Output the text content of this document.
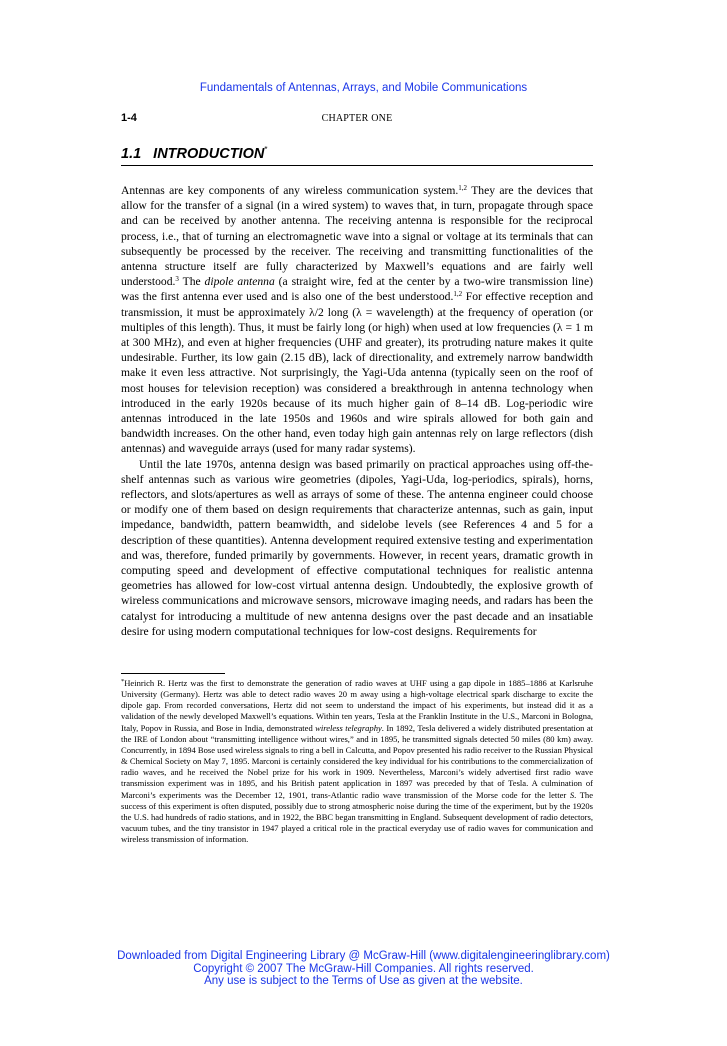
Fundamentals of Antennas, Arrays, and Mobile Communications
1-4	CHAPTER ONE
1.1 INTRODUCTION*

Antennas are key components of any wireless communication system.$^{1,2}$ They are the devices that allow for the transfer of a signal (in a wired system) to waves that, in turn, propagate through space and can be received by another antenna. The receiving antenna is responsible for the reciprocal process, i.e., that of turning an electromagnetic wave into a signal or voltage at its terminals that can subsequently be processed by the receiver. The receiving and transmitting functionalities of the antenna structure itself are fully characterized by Maxwell’s equations and are fairly well understood.$^3$ The dipole antenna (a straight wire, fed at the center by a two-wire transmission line) was the first antenna ever used and is also one of the best understood.$^{1,2}$ For effective reception and transmission, it must be approximately λ/2 long (λ = wavelength) at the frequency of operation (or multiples of this length). Thus, it must be fairly long (or high) when used at low frequencies (λ = 1 m at 300 MHz), and even at higher frequencies (UHF and greater), its protruding nature makes it quite undesirable. Further, its low gain (2.15 dB), lack of directionality, and extremely narrow bandwidth make it even less attractive. Not surprisingly, the Yagi-Uda antenna (typically seen on the roof of most houses for television reception) was considered a breakthrough in antenna technology when introduced in the early 1920s because of its much higher gain of 8–14 dB. Log-periodic wire antennas introduced in the late 1950s and 1960s and wire spirals allowed for both gain and bandwidth increases. On the other hand, even today high gain antennas rely on large reflectors (dish antennas) and waveguide arrays (used for many radar systems).

Until the late 1970s, antenna design was based primarily on practical approaches using off-the-shelf antennas such as various wire geometries (dipoles, Yagi-Uda, log-periodics, spirals), horns, reflectors, and slots/apertures as well as arrays of some of these. The antenna engineer could choose or modify one of them based on design requirements that characterize antennas, such as gain, input impedance, bandwidth, pattern beamwidth, and sidelobe levels (see References 4 and 5 for a description of these quantities). Antenna development required extensive testing and experimentation and was, therefore, funded primarily by governments. However, in recent years, dramatic growth in computing speed and development of effective computational techniques for realistic antenna geometries has allowed for low-cost virtual antenna design. Undoubtedly, the explosive growth of wireless communications and microwave sensors, microwave imaging needs, and radars has been the catalyst for introducing a multitude of new antenna designs over the past decade and an insatiable desire for using modern computational techniques for low-cost designs. Requirements for

*Heinrich R. Hertz was the first to demonstrate the generation of radio waves at UHF using a gap dipole in 1885–1886 at Karlsruhe University (Germany). Hertz was able to detect radio waves 20 m away using a high-voltage electrical spark discharge to excite the dipole gap. From recorded conversations, Hertz did not seem to understand the impact of his experiments, but instead did it as a validation of the newly developed Maxwell’s equations. Within ten years, Tesla at the Franklin Institute in the U.S., Marconi in Bologna, Italy, Popov in Russia, and Bose in India, demonstrated wireless telegraphy. In 1892, Tesla delivered a widely distributed presentation at the IRE of London about “transmitting intelligence without wires,” and in 1895, he transmitted signals detected 50 miles (80 km) away. Concurrently, in 1894 Bose used wireless signals to ring a bell in Calcutta, and Popov presented his radio receiver to the Russian Physical & Chemical Society on May 7, 1895. Marconi is certainly considered the key individual for his contributions to the commercialization of radio waves, and he received the Nobel prize for his work in 1909. Nevertheless, Marconi’s widely advertised first radio wave transmission experiment was in 1895, and his British patent application in 1897 was preceded by that of Tesla. A culmination of Marconi’s experiments was the December 12, 1901, trans-Atlantic radio wave transmission of the Morse code for the letter S. The success of this experiment is often disputed, possibly due to strong atmospheric noise during the time of the experiment, but by the 1920s the U.S. had hundreds of radio stations, and in 1922, the BBC began transmitting in England. Subsequent development of radio detectors, vacuum tubes, and the tiny transistor in 1947 played a critical role in the practical everyday use of radio waves for communication and wireless transmission of information.
Downloaded from Digital Engineering Library @ McGraw-Hill (www.digitalengineeringlibrary.com)
Copyright © 2007 The McGraw-Hill Companies. All rights reserved.
Any use is subject to the Terms of Use as given at the website.
